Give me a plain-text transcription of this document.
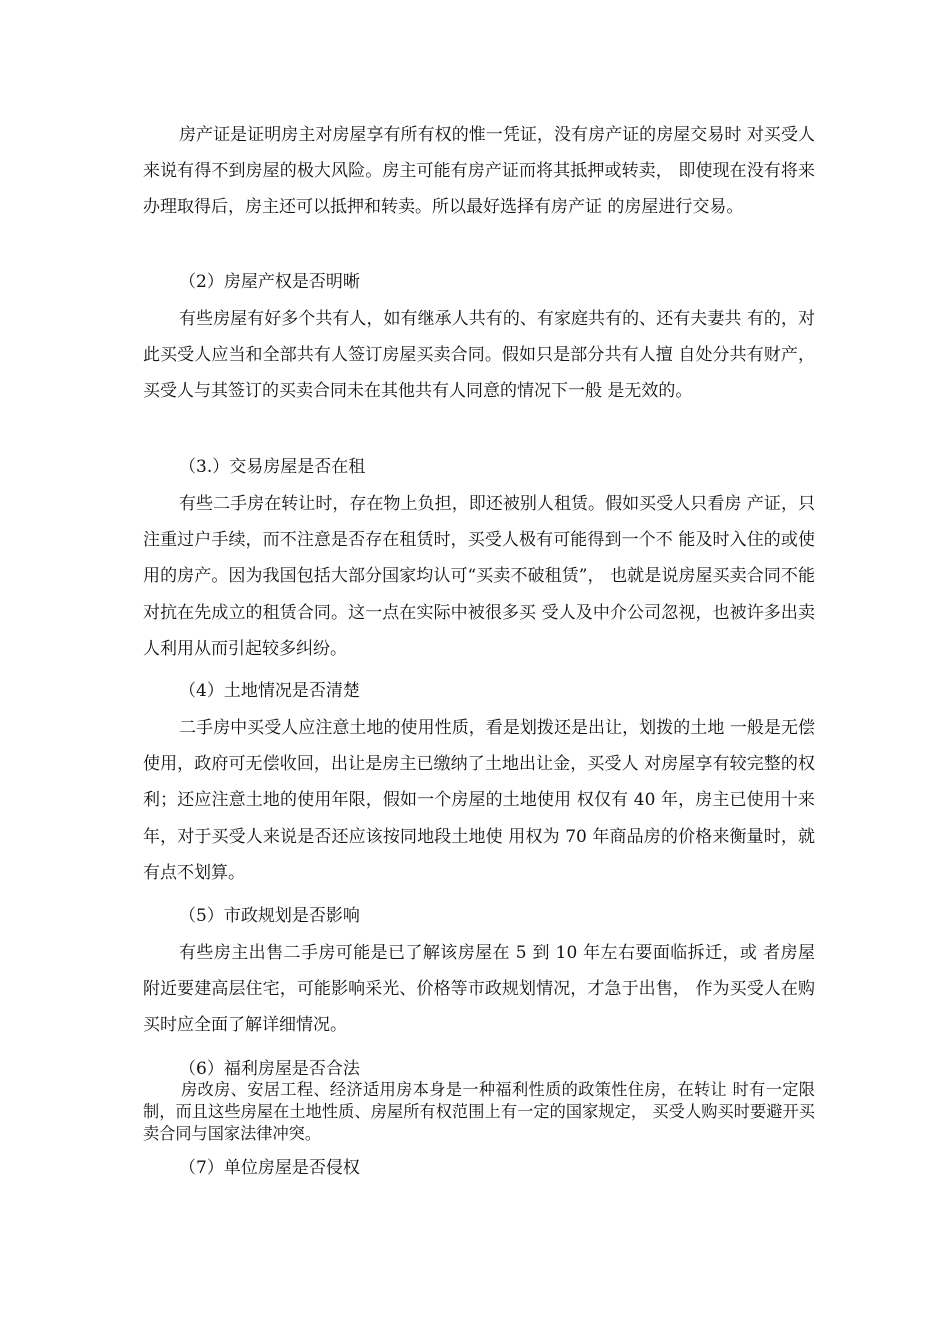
房产证是证明房主对房屋享有所有权的惟一凭证，没有房产证的房屋交易时 对买受人来说有得不到房屋的极大风险。房主可能有房产证而将其抵押或转卖， 即使现在没有将来办理取得后，房主还可以抵押和转卖。所以最好选择有房产证 的房屋进行交易。

（2）房屋产权是否明晰

有些房屋有好多个共有人，如有继承人共有的、有家庭共有的、还有夫妻共 有的，对此买受人应当和全部共有人签订房屋买卖合同。假如只是部分共有人擅 自处分共有财产，买受人与其签订的买卖合同未在其他共有人同意的情况下一般 是无效的。

（3.）交易房屋是否在租

有些二手房在转让时，存在物上负担，即还被别人租赁。假如买受人只看房 产证，只注重过户手续，而不注意是否存在租赁时，买受人极有可能得到一个不 能及时入住的或使用的房产。因为我国包括大部分国家均认可“买卖不破租赁”， 也就是说房屋买卖合同不能对抗在先成立的租赁合同。这一点在实际中被很多买 受人及中介公司忽视，也被许多出卖人利用从而引起较多纠纷。

（4）土地情况是否清楚

二手房中买受人应注意土地的使用性质，看是划拨还是出让，划拨的土地 一般是无偿使用，政府可无偿收回，出让是房主已缴纳了土地出让金，买受人 对房屋享有较完整的权利；还应注意土地的使用年限，假如一个房屋的土地使用 权仅有 40 年，房主已使用十来年，对于买受人来说是否还应该按同地段土地使 用权为 70 年商品房的价格来衡量时，就有点不划算。

（5）市政规划是否影响

有些房主出售二手房可能是已了解该房屋在 5 到 10 年左右要面临拆迁，或 者房屋附近要建高层住宅，可能影响采光、价格等市政规划情况，才急于出售， 作为买受人在购买时应全面了解详细情况。

（6）福利房屋是否合法

房改房、安居工程、经济适用房本身是一种福利性质的政策性住房，在转让 时有一定限制，而且这些房屋在土地性质、房屋所有权范围上有一定的国家规定， 买受人购买时要避开买卖合同与国家法律冲突。

（7）单位房屋是否侵权
